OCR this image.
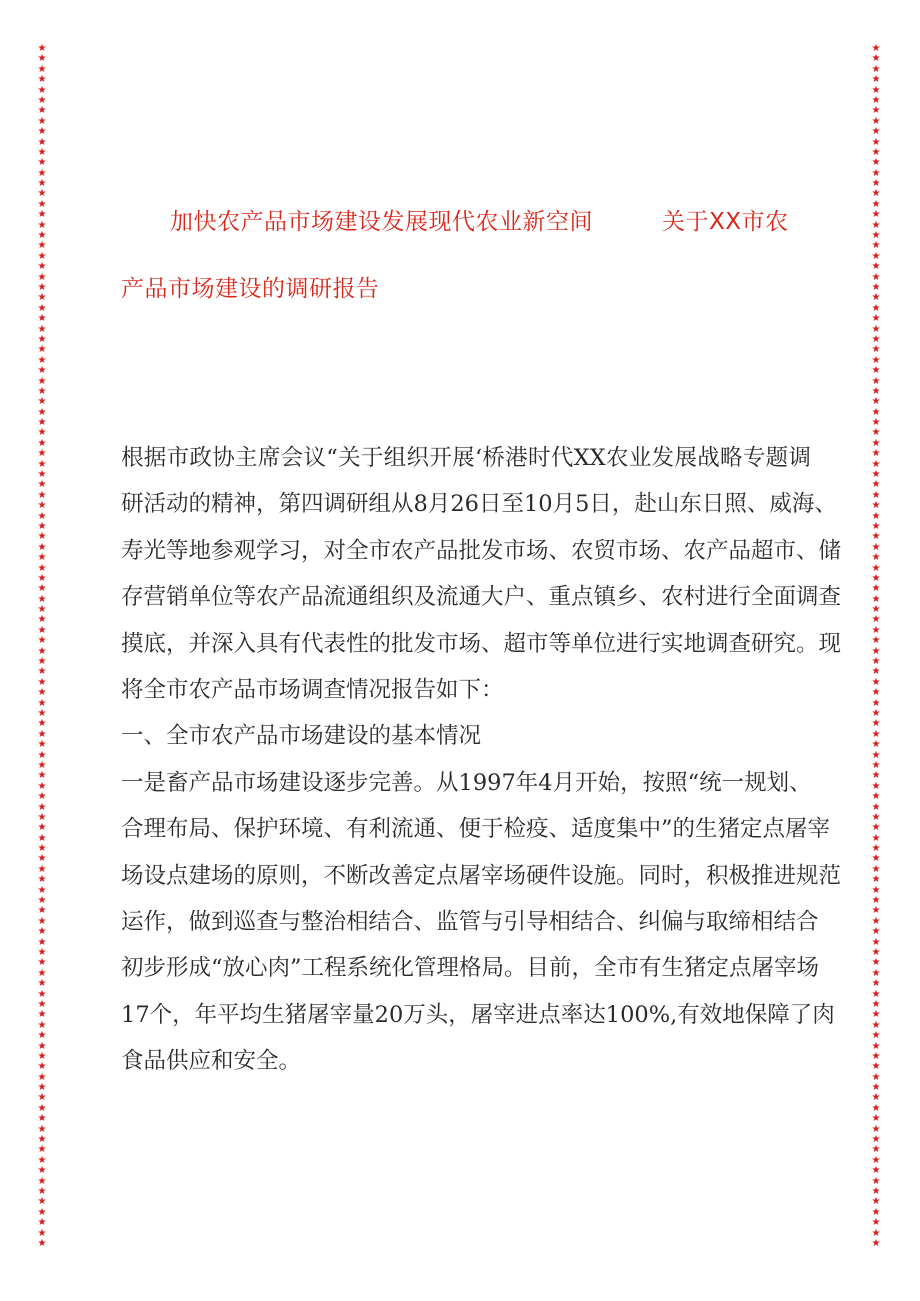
★
★
★
★
★
★
★
★
★
★
★
★
★
★
★
★
★
★
★
★
★
★
★
★
★
★
★
★
★
★
★
★
★
★
★
★
★
★
★
★
★
★
★
★
★
★
★
★
★
★
★
★
★
★
★
★
★
★
★
★
★
★
★
★
★
★
★
★
★
★
★
★
★
★
★
★
★
★
★
★
★
★
★
★
★
★
★
★
★
★
★
★
★
★
★
★
★
★
★
★
★
★
★
★
★
★
★
★
★
★
★
★
★
★
★
★
★
★
★
★
★
★
★
★
★
★
★
★
★
★
★
★
★
★
★
★
★
★
★
★
★
★
★
★
★
★
★
★
★
★
★
★
★
★
★
★
★
★
★
★
★
★
★
★
★
★
★
★
★
★
★
★
★
★
★
★
★
★
★
★
★
★
★
★
★
★
★
★
★
★
★
★
★
★
★
★
★
★
★
★
★
★
★
★
★
★
★
★
★
★
★
★
★
★
★
★
★
★
★
★
★
★
★
★
★
★
★
★
★
★
★
★
加快农产品市场建设发展现代农业新空间	关于XX市农
产品市场建设的调研报告
根据市政协主席会议“关于组织开展‘桥港时代XX农业发展战略专题调
研活动的精神，第四调研组从8月26日至10月5日，赴山东日照、威海、
寿光等地参观学习，对全市农产品批发市场、农贸市场、农产品超市、储
存营销单位等农产品流通组织及流通大户、重点镇乡、农村进行全面调查
摸底，并深入具有代表性的批发市场、超市等单位进行实地调查研究。现
将全市农产品市场调查情况报告如下：
一、全市农产品市场建设的基本情况
一是畜产品市场建设逐步完善。从1997年4月开始，按照“统一规划、
合理布局、保护环境、有利流通、便于检疫、适度集中”的生猪定点屠宰
场设点建场的原则，不断改善定点屠宰场硬件设施。同时，积极推进规范
运作，做到巡查与整治相结合、监管与引导相结合、纠偏与取缔相结合
初步形成“放心肉”工程系统化管理格局。目前，全市有生猪定点屠宰场
17个，年平均生猪屠宰量20万头，屠宰进点率达100%,有效地保障了肉
食品供应和安全。
